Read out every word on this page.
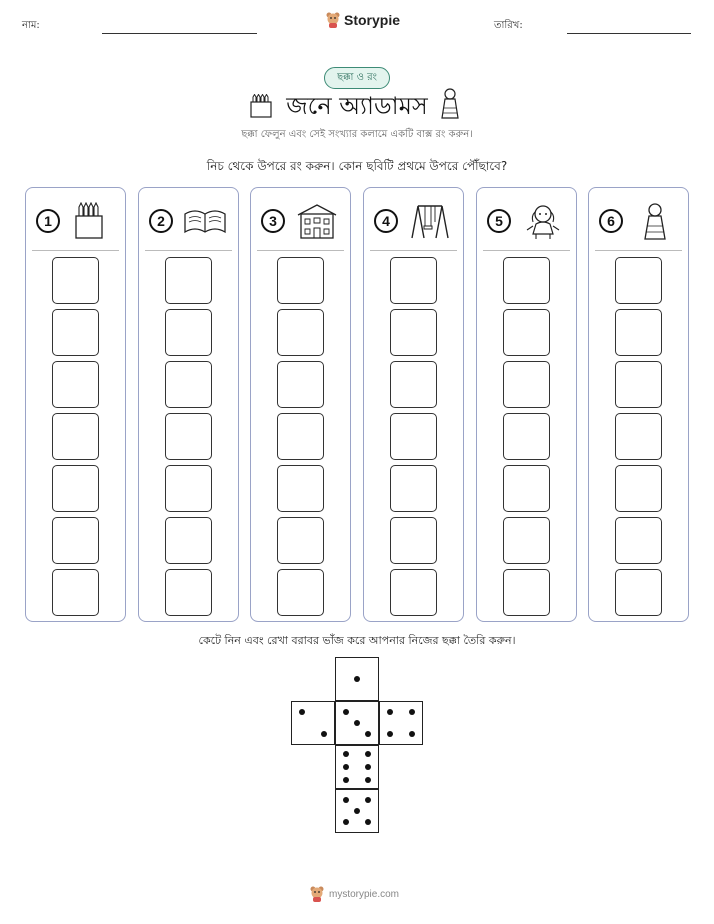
নাম:	Storypie	তারিখ:
ছক্কা ও রং
জনে অ্যাডামস
ছক্কা ফেলুন এবং সেই সংখ্যার কলামে একটি বাক্স রং করুন।
নিচ থেকে উপরে রং করুন। কোন ছবিটি প্রথমে উপরে পৌঁছাবে?
1	2	3	4	5	6
কেটে নিন এবং রেখা বরাবর ভাঁজ করে আপনার নিজের ছক্কা তৈরি করুন।
mystorypie.com
